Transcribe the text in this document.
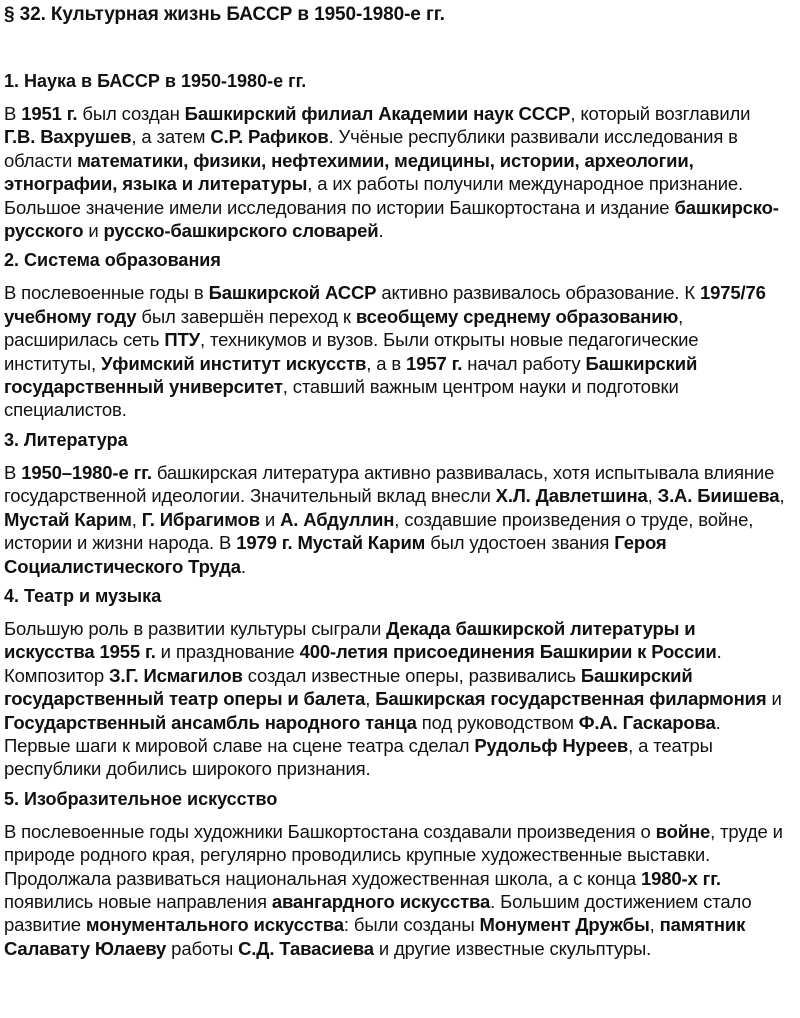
§ 32. Культурная жизнь БАССР в 1950-1980-е гг.
1. Наука в БАССР в 1950-1980-е гг.

В 1951 г. был создан Башкирский филиал Академии наук СССР, который возглавили Г.В. Вахрушев, а затем С.Р. Рафиков. Учёные республики развивали исследования в области математики, физики, нефтехимии, медицины, истории, археологии, этнографии, языка и литературы, а их работы получили международное признание. Большое значение имели исследования по истории Башкортостана и издание башкирско-русского и русско-башкирского словарей.

2. Система образования

В послевоенные годы в Башкирской АССР активно развивалось образование. К 1975/76 учебному году был завершён переход к всеобщему среднему образованию, расширилась сеть ПТУ, техникумов и вузов. Были открыты новые педагогические институты, Уфимский институт искусств, а в 1957 г. начал работу Башкирский государственный университет, ставший важным центром науки и подготовки специалистов.

3. Литература

В 1950–1980-е гг. башкирская литература активно развивалась, хотя испытывала влияние государственной идеологии. Значительный вклад внесли Х.Л. Давлетшина, З.А. Биишева, Мустай Карим, Г. Ибрагимов и А. Абдуллин, создавшие произведения о труде, войне, истории и жизни народа. В 1979 г. Мустай Карим был удостоен звания Героя Социалистического Труда.

4. Театр и музыка

Большую роль в развитии культуры сыграли Декада башкирской литературы и искусства 1955 г. и празднование 400-летия присоединения Башкирии к России. Композитор З.Г. Исмагилов создал известные оперы, развивались Башкирский государственный театр оперы и балета, Башкирская государственная филармония и Государственный ансамбль народного танца под руководством Ф.А. Гаскарова. Первые шаги к мировой славе на сцене театра сделал Рудольф Нуреев, а театры республики добились широкого признания.

5. Изобразительное искусство

В послевоенные годы художники Башкортостана создавали произведения о войне, труде и природе родного края, регулярно проводились крупные художественные выставки. Продолжала развиваться национальная художественная школа, а с конца 1980-х гг. появились новые направления авангардного искусства. Большим достижением стало развитие монументального искусства: были созданы Монумент Дружбы, памятник Салавату Юлаеву работы С.Д. Тавасиева и другие известные скульптуры.
